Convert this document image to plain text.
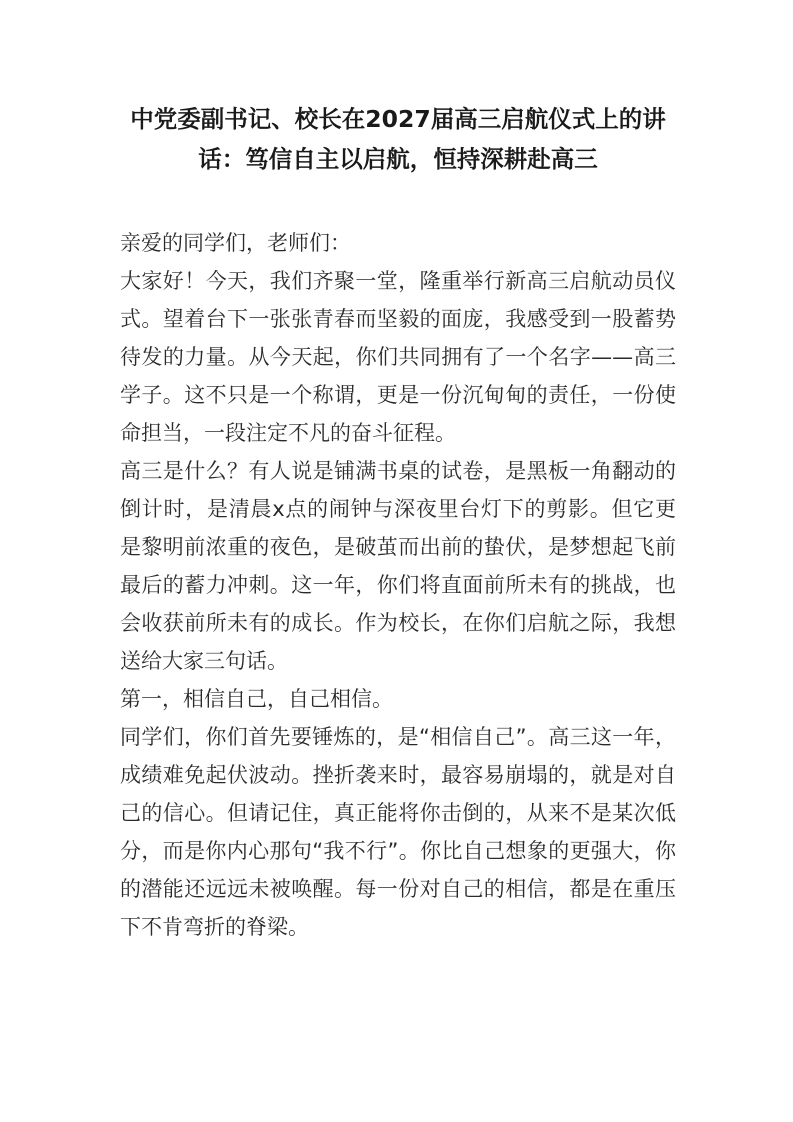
中党委副书记、校长在2027届高三启航仪式上的讲
话：笃信自主以启航，恒持深耕赴高三

亲爱的同学们，老师们：

大家好！今天，我们齐聚一堂，隆重举行新高三启航动员仪式。望着台下一张张青春而坚毅的面庞，我感受到一股蓄势待发的力量。从今天起，你们共同拥有了一个名字——高三学子。这不只是一个称谓，更是一份沉甸甸的责任，一份使命担当，一段注定不凡的奋斗征程。

高三是什么？有人说是铺满书桌的试卷，是黑板一角翻动的倒计时，是清晨x点的闹钟与深夜里台灯下的剪影。但它更是黎明前浓重的夜色，是破茧而出前的蛰伏，是梦想起飞前最后的蓄力冲刺。这一年，你们将直面前所未有的挑战，也会收获前所未有的成长。作为校长，在你们启航之际，我想送给大家三句话。

第一，相信自己，自己相信。

同学们，你们首先要锤炼的，是“相信自己”。高三这一年，成绩难免起伏波动。挫折袭来时，最容易崩塌的，就是对自己的信心。但请记住，真正能将你击倒的，从来不是某次低分，而是你内心那句“我不行”。你比自己想象的更强大，你的潜能还远远未被唤醒。每一份对自己的相信，都是在重压下不肯弯折的脊梁。
